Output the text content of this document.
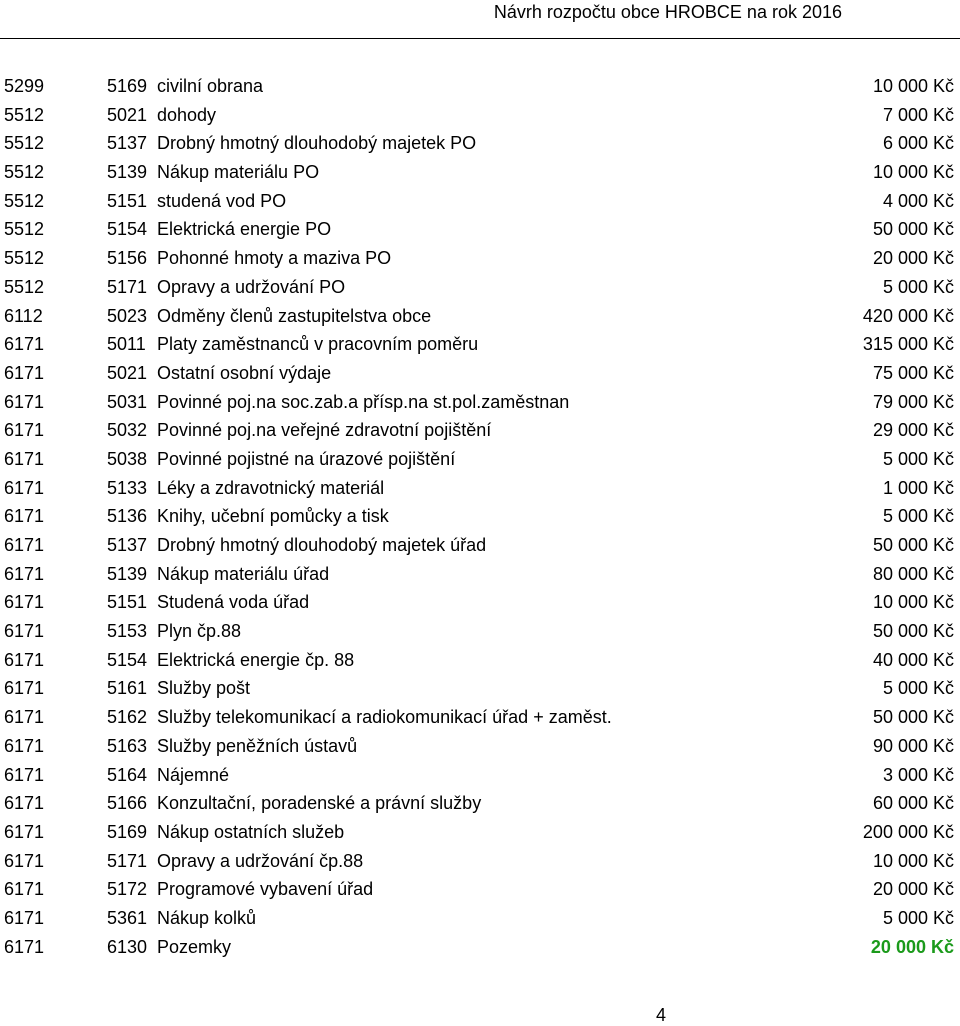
Návrh rozpočtu obce HROBCE na rok 2016
5299	5169 civilní obrana	10 000 Kč
5512	5021 dohody	7 000 Kč
5512	5137 Drobný hmotný dlouhodobý majetek PO	6 000 Kč
5512	5139 Nákup materiálu PO	10 000 Kč
5512	5151 studená vod PO	4 000 Kč
5512	5154 Elektrická energie PO	50 000 Kč
5512	5156 Pohonné hmoty a maziva PO	20 000 Kč
5512	5171 Opravy a udržování PO	5 000 Kč
6112	5023 Odměny členů zastupitelstva obce	420 000 Kč
6171	5011 Platy zaměstnanců v pracovním poměru	315 000 Kč
6171	5021 Ostatní osobní výdaje	75 000 Kč
6171	5031 Povinné poj.na soc.zab.a přísp.na st.pol.zaměstnan	79 000 Kč
6171	5032 Povinné poj.na veřejné zdravotní pojištění	29 000 Kč
6171	5038 Povinné pojistné na úrazové pojištění	5 000 Kč
6171	5133 Léky a zdravotnický materiál	1 000 Kč
6171	5136 Knihy, učební pomůcky a tisk	5 000 Kč
6171	5137 Drobný hmotný dlouhodobý majetek úřad	50 000 Kč
6171	5139 Nákup materiálu úřad	80 000 Kč
6171	5151 Studená voda úřad	10 000 Kč
6171	5153 Plyn čp.88	50 000 Kč
6171	5154 Elektrická energie čp. 88	40 000 Kč
6171	5161 Služby pošt	5 000 Kč
6171	5162 Služby telekomunikací a radiokomunikací úřad + zaměst.	50 000 Kč
6171	5163 Služby peněžních ústavů	90 000 Kč
6171	5164 Nájemné	3 000 Kč
6171	5166 Konzultační, poradenské a právní služby	60 000 Kč
6171	5169 Nákup ostatních služeb	200 000 Kč
6171	5171 Opravy a udržování čp.88	10 000 Kč
6171	5172 Programové vybavení úřad	20 000 Kč
6171	5361 Nákup kolků	5 000 Kč
6171	6130 Pozemky	20 000 Kč
4
